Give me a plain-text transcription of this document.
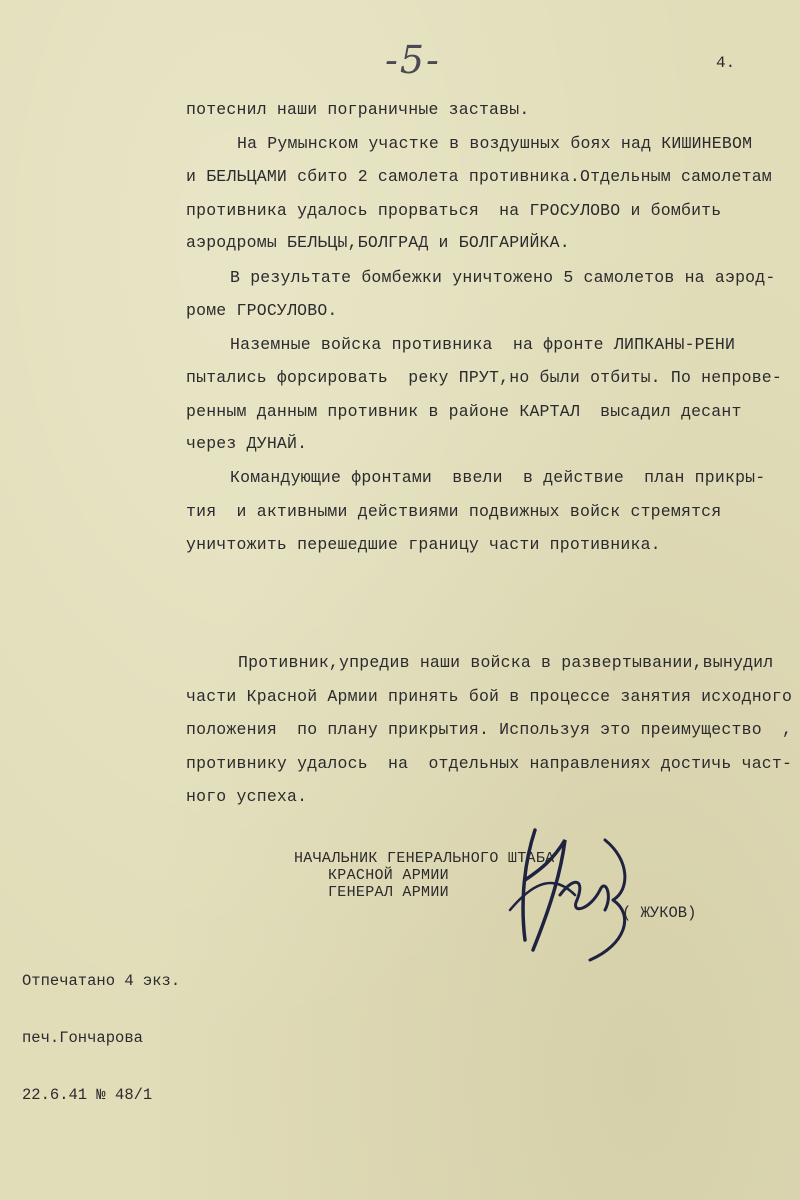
-5-	4.
потеснил наши пограничные заставы.
На Румынском участке в воздушных боях над КИШИНЕВОМ
и БЕЛЬЦАМИ сбито 2 самолета противника.Отдельным самолетам
противника удалось прорваться  на ГРОСУЛОВО и бомбить
аэродромы БЕЛЬЦЫ,БОЛГРАД и БОЛГАРИЙКА.
В результате бомбежки уничтожено 5 самолетов на аэрод-
роме ГРОСУЛОВО.
Наземные войска противника  на фронте ЛИПКАНЫ-РЕНИ
пытались форсировать  реку ПРУТ,но были отбиты. По непрове-
ренным данным противник в районе КАРТАЛ  высадил десант
через ДУНАЙ.
Командующие фронтами  ввели  в действие  план прикры-
тия  и активными действиями подвижных войск стремятся
уничтожить перешедшие границу части противника.
Противник,упредив наши войска в развертывании,вынудил
части Красной Армии принять бой в процессе занятия исходного
положения  по плану прикрытия. Используя это преимущество  ,
противнику удалось  на  отдельных направлениях достичь част-
ного успеха.
НАЧАЛЬНИК ГЕНЕРАЛЬНОГО ШТАБА
КРАСНОЙ АРМИИ
ГЕНЕРАЛ АРМИИ
( ЖУКОВ)

Отпечатано 4 экз.

печ.Гончарова

22.6.41 № 48/1
